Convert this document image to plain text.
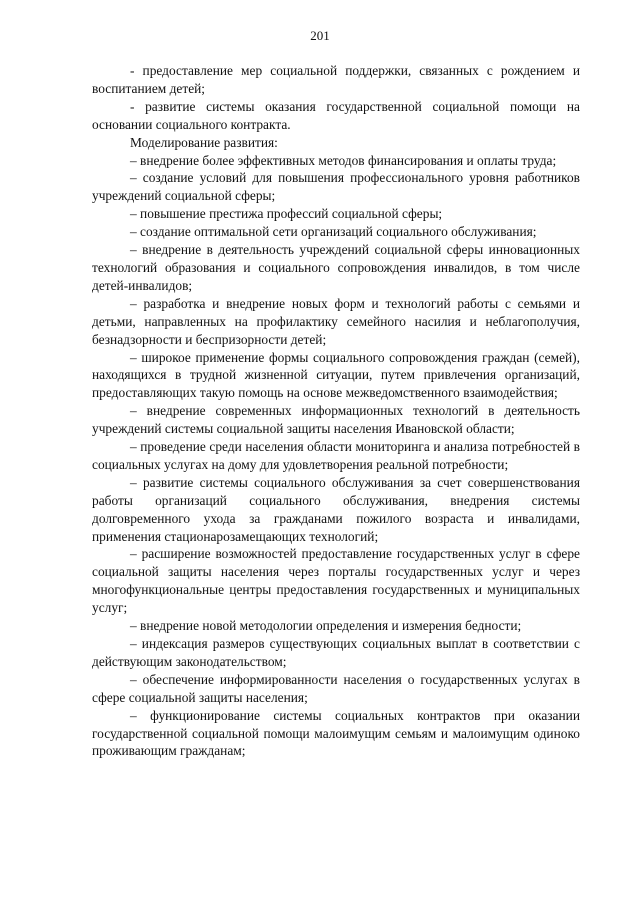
201

- предоставление мер социальной поддержки, связанных с рождением и воспитанием детей;

- развитие системы оказания государственной социальной помощи на основании социального контракта.

Моделирование развития:

– внедрение более эффективных методов финансирования и оплаты труда;

– создание условий для повышения профессионального уровня работников учреждений социальной сферы;

– повышение престижа профессий социальной сферы;

– создание оптимальной сети организаций социального обслуживания;

– внедрение в деятельность учреждений социальной сферы инновационных технологий образования и социального сопровождения инвалидов, в том числе детей-инвалидов;

– разработка и внедрение новых форм и технологий работы с семьями и детьми, направленных на профилактику семейного насилия и неблагополучия, безнадзорности и беспризорности детей;

– широкое применение формы социального сопровождения граждан (семей), находящихся в трудной жизненной ситуации, путем привлечения организаций, предоставляющих такую помощь на основе межведомственного взаимодействия;

– внедрение современных информационных технологий в деятельность учреждений системы социальной защиты населения Ивановской области;

– проведение среди населения области мониторинга и анализа потребностей в социальных услугах на дому для удовлетворения реальной потребности;

– развитие системы социального обслуживания за счет совершенствования работы организаций социального обслуживания, внедрения системы долговременного ухода за гражданами пожилого возраста и инвалидами, применения стационарозамещающих технологий;

– расширение возможностей предоставление государственных услуг в сфере социальной защиты населения через порталы государственных услуг и через многофункциональные центры предоставления государственных и муниципальных услуг;

– внедрение новой методологии определения и измерения бедности;

– индексация размеров существующих социальных выплат в соответствии с действующим законодательством;

– обеспечение информированности населения о государственных услугах в сфере социальной защиты населения;

– функционирование системы социальных контрактов при оказании государственной социальной помощи малоимущим семьям и малоимущим одиноко проживающим гражданам;
